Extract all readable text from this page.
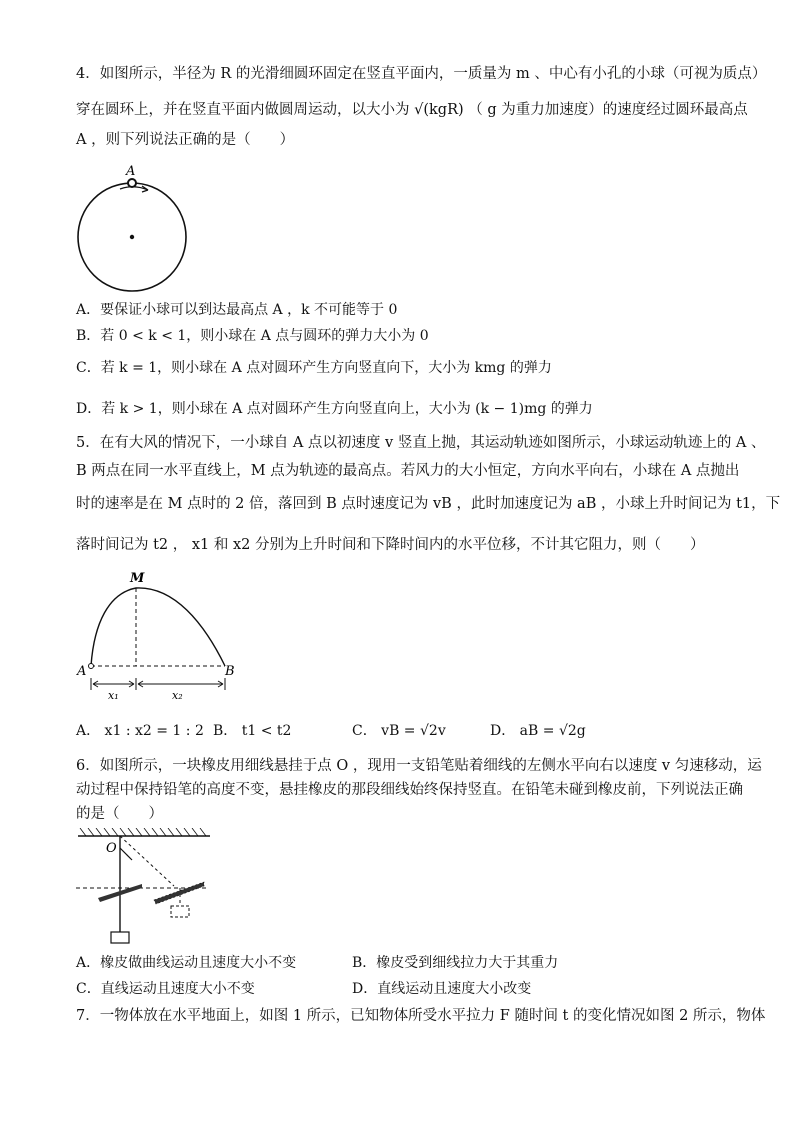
4．如图所示，半径为 R 的光滑细圆环固定在竖直平面内，一质量为 m 、中心有小孔的小球（可视为质点）
穿在圆环上，并在竖直平面内做圆周运动，以大小为 √(kgR) （ g 为重力加速度）的速度经过圆环最高点
A ，则下列说法正确的是（　　）
A
A．要保证小球可以到达最高点 A ，k 不可能等于 0
B．若 0 < k < 1，则小球在 A 点与圆环的弹力大小为 0
C．若 k = 1，则小球在 A 点对圆环产生方向竖直向下，大小为 kmg 的弹力
D．若 k > 1，则小球在 A 点对圆环产生方向竖直向上，大小为 (k − 1)mg 的弹力
5．在有大风的情况下，一小球自 A 点以初速度 v 竖直上抛，其运动轨迹如图所示，小球运动轨迹上的 A 、
B 两点在同一水平直线上，M 点为轨迹的最高点。若风力的大小恒定，方向水平向右，小球在 A 点抛出
时的速率是在 M 点时的 2 倍，落回到 B 点时速度记为 vB ，此时加速度记为 aB ，小球上升时间记为 t1，下
落时间记为 t2 ， x1 和 x2 分别为上升时间和下降时间内的水平位移，不计其它阻力，则（　　）
M
A	B
x₁	x₂
A． x1 : x2 = 1 : 2 B． t1 < t2	C． vB = √2v	D． aB = √2g
6．如图所示，一块橡皮用细线悬挂于点 O ，现用一支铅笔贴着细线的左侧水平向右以速度 v 匀速移动，运
动过程中保持铅笔的高度不变，悬挂橡皮的那段细线始终保持竖直。在铅笔未碰到橡皮前，下列说法正确
的是（　　）
O
A．橡皮做曲线运动且速度大小不变	B．橡皮受到细线拉力大于其重力
C．直线运动且速度大小不变	D．直线运动且速度大小改变
7．一物体放在水平地面上，如图 1 所示，已知物体所受水平拉力 F 随时间 t 的变化情况如图 2 所示，物体
